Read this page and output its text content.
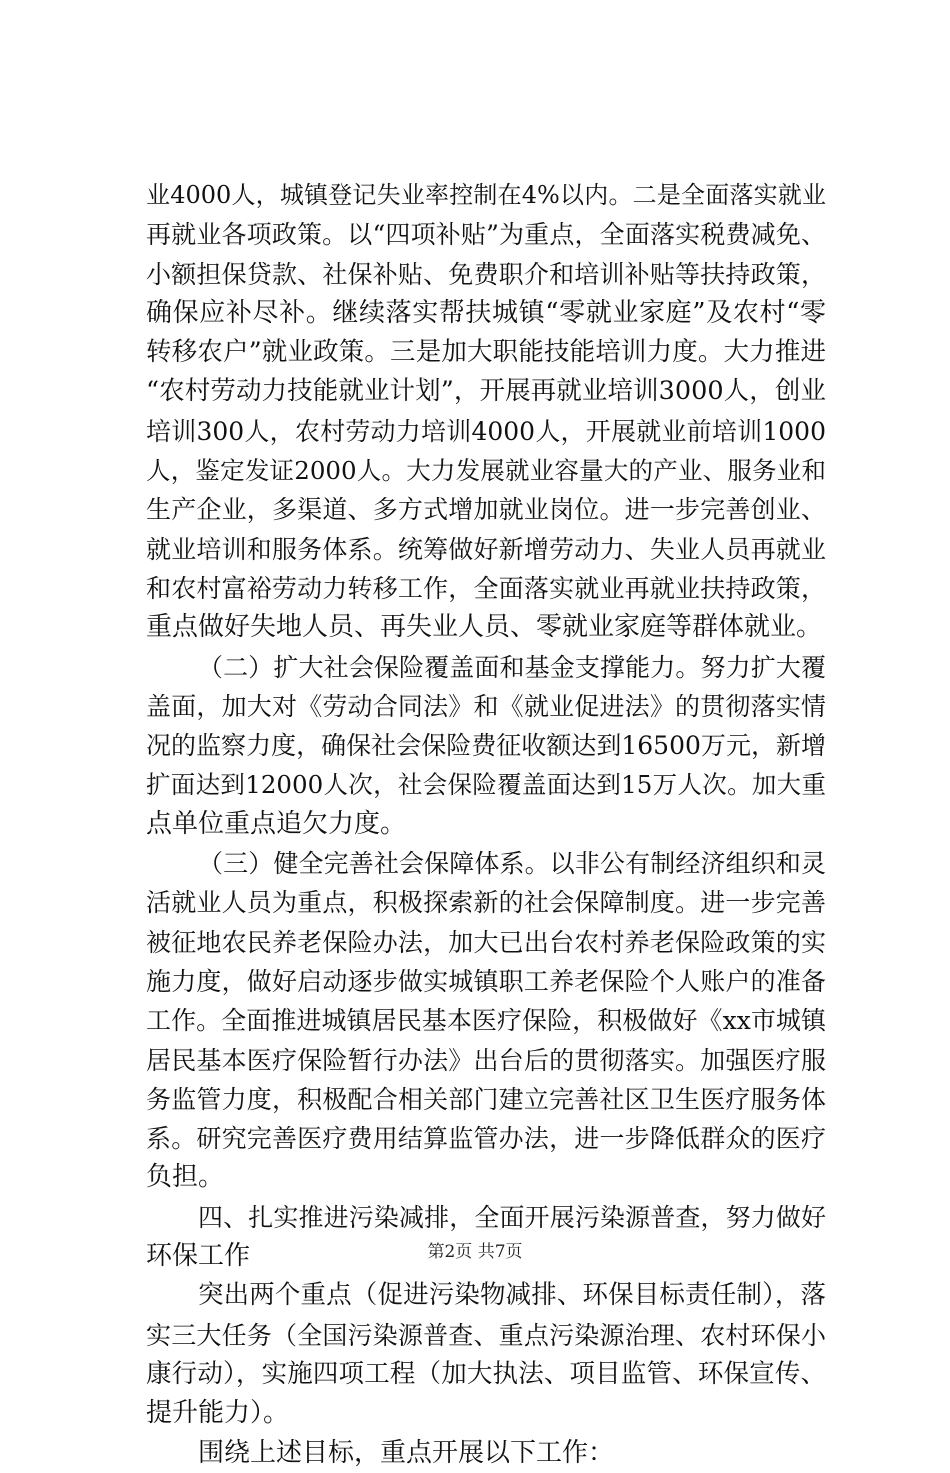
业4000人，城镇登记失业率控制在4%以内。二是全面落实就业
再就业各项政策。以“四项补贴”为重点，全面落实税费减免、
小额担保贷款、社保补贴、免费职介和培训补贴等扶持政策，
确保应补尽补。继续落实帮扶城镇“零就业家庭”及农村“零
转移农户”就业政策。三是加大职能技能培训力度。大力推进
“农村劳动力技能就业计划”，开展再就业培训3000人，创业
培训300人，农村劳动力培训4000人，开展就业前培训1000
人，鉴定发证2000人。大力发展就业容量大的产业、服务业和
生产企业，多渠道、多方式增加就业岗位。进一步完善创业、
就业培训和服务体系。统筹做好新增劳动力、失业人员再就业
和农村富裕劳动力转移工作，全面落实就业再就业扶持政策，
重点做好失地人员、再失业人员、零就业家庭等群体就业。
（二）扩大社会保险覆盖面和基金支撑能力。努力扩大覆
盖面，加大对《劳动合同法》和《就业促进法》的贯彻落实情
况的监察力度，确保社会保险费征收额达到16500万元，新增
扩面达到12000人次，社会保险覆盖面达到15万人次。加大重
点单位重点追欠力度。
（三）健全完善社会保障体系。以非公有制经济组织和灵
活就业人员为重点，积极探索新的社会保障制度。进一步完善
被征地农民养老保险办法，加大已出台农村养老保险政策的实
施力度，做好启动逐步做实城镇职工养老保险个人账户的准备
工作。全面推进城镇居民基本医疗保险，积极做好《xx市城镇
居民基本医疗保险暂行办法》出台后的贯彻落实。加强医疗服
务监管力度，积极配合相关部门建立完善社区卫生医疗服务体
系。研究完善医疗费用结算监管办法，进一步降低群众的医疗
负担。
四、扎实推进污染减排，全面开展污染源普查，努力做好
环保工作
突出两个重点（促进污染物减排、环保目标责任制），落
实三大任务（全国污染源普查、重点污染源治理、农村环保小
康行动），实施四项工程（加大执法、项目监管、环保宣传、
提升能力）。
围绕上述目标，重点开展以下工作：
第2页 共7页
